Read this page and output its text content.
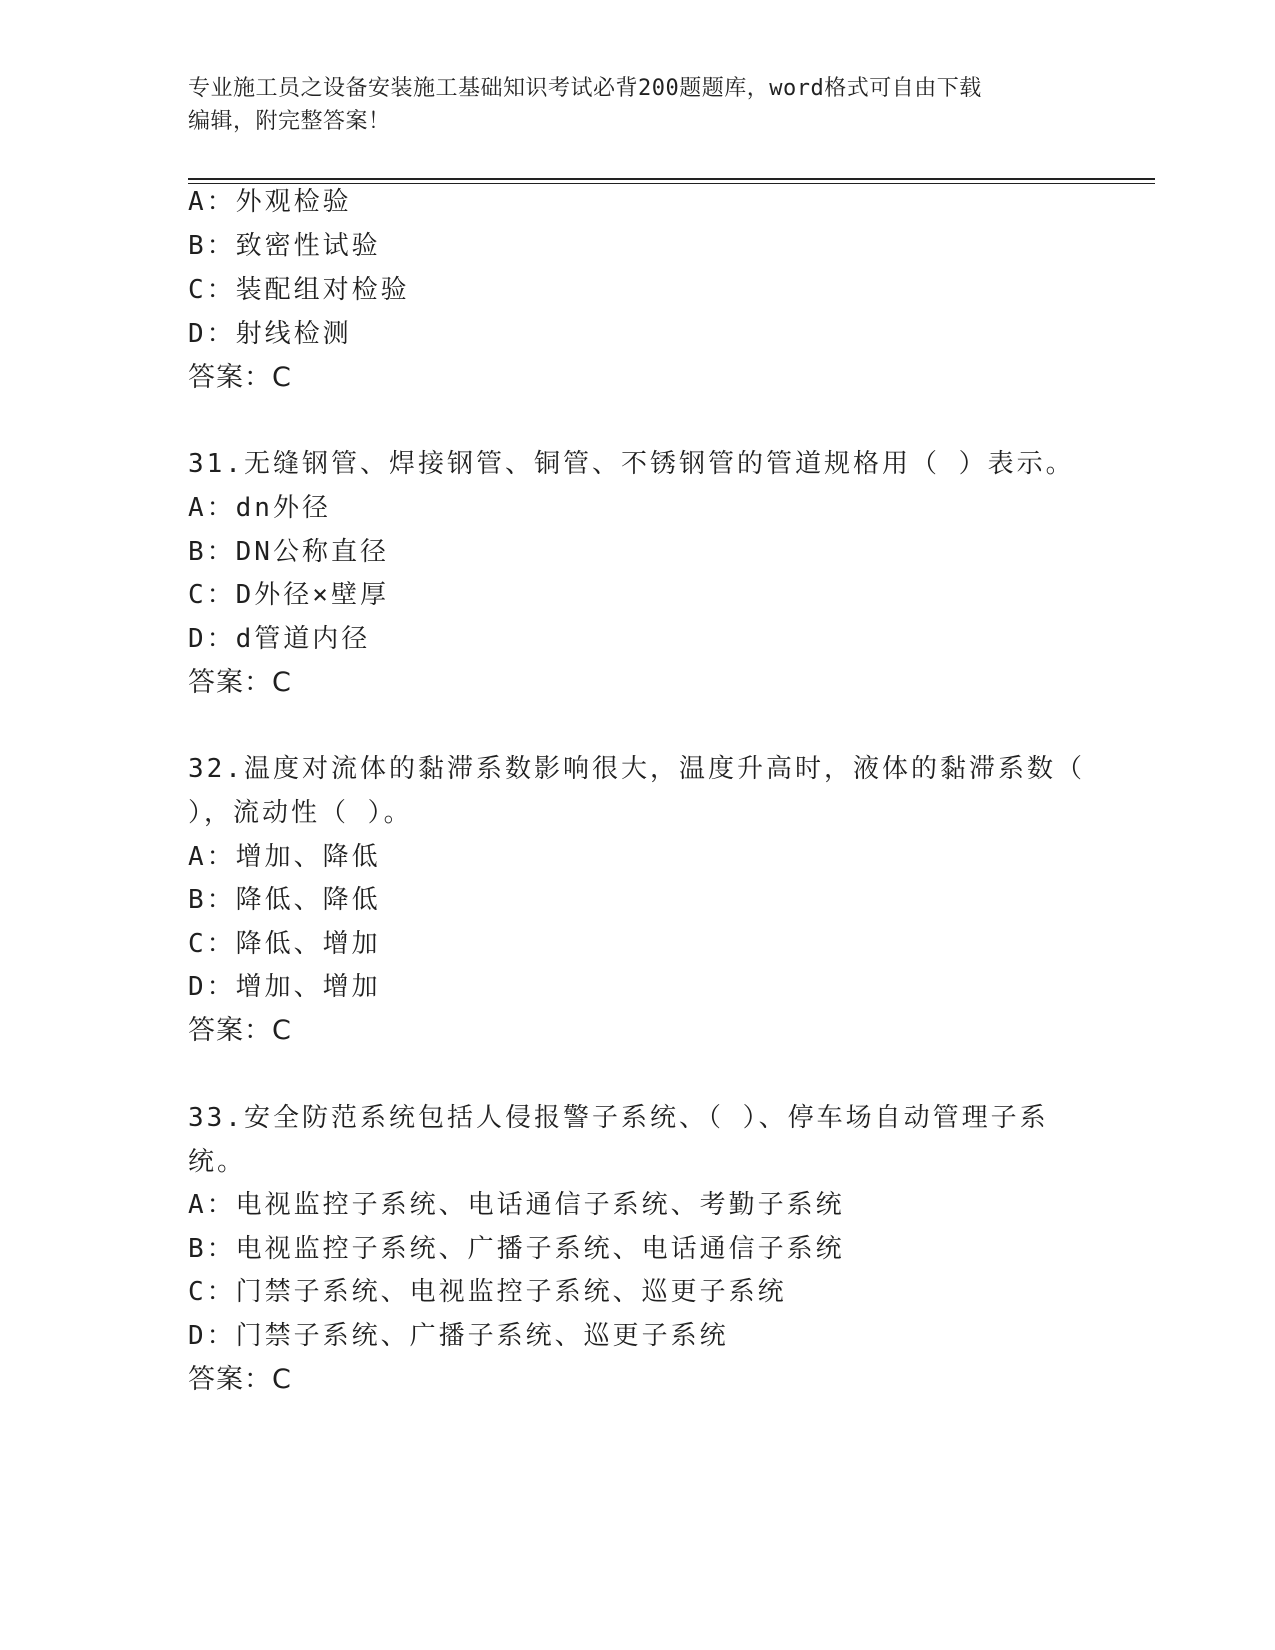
专业施工员之设备安装施工基础知识考试必背200题题库，word格式可自由下载
编辑，附完整答案！
A：外观检验
B：致密性试验
C：装配组对检验
D：射线检测
答案：C
31.无缝钢管、焊接钢管、铜管、不锈钢管的管道规格用（ ）表示。
A：dn外径
B：DN公称直径
C：D外径×壁厚
D：d管道内径
答案：C
32.温度对流体的黏滞系数影响很大，温度升高时，液体的黏滞系数（
），流动性（ ）。
A：增加、降低
B：降低、降低
C：降低、增加
D：增加、增加
答案：C
33.安全防范系统包括人侵报警子系统、（ ）、停车场自动管理子系
统。
A：电视监控子系统、电话通信子系统、考勤子系统
B：电视监控子系统、广播子系统、电话通信子系统
C：门禁子系统、电视监控子系统、巡更子系统
D：门禁子系统、广播子系统、巡更子系统
答案：C
